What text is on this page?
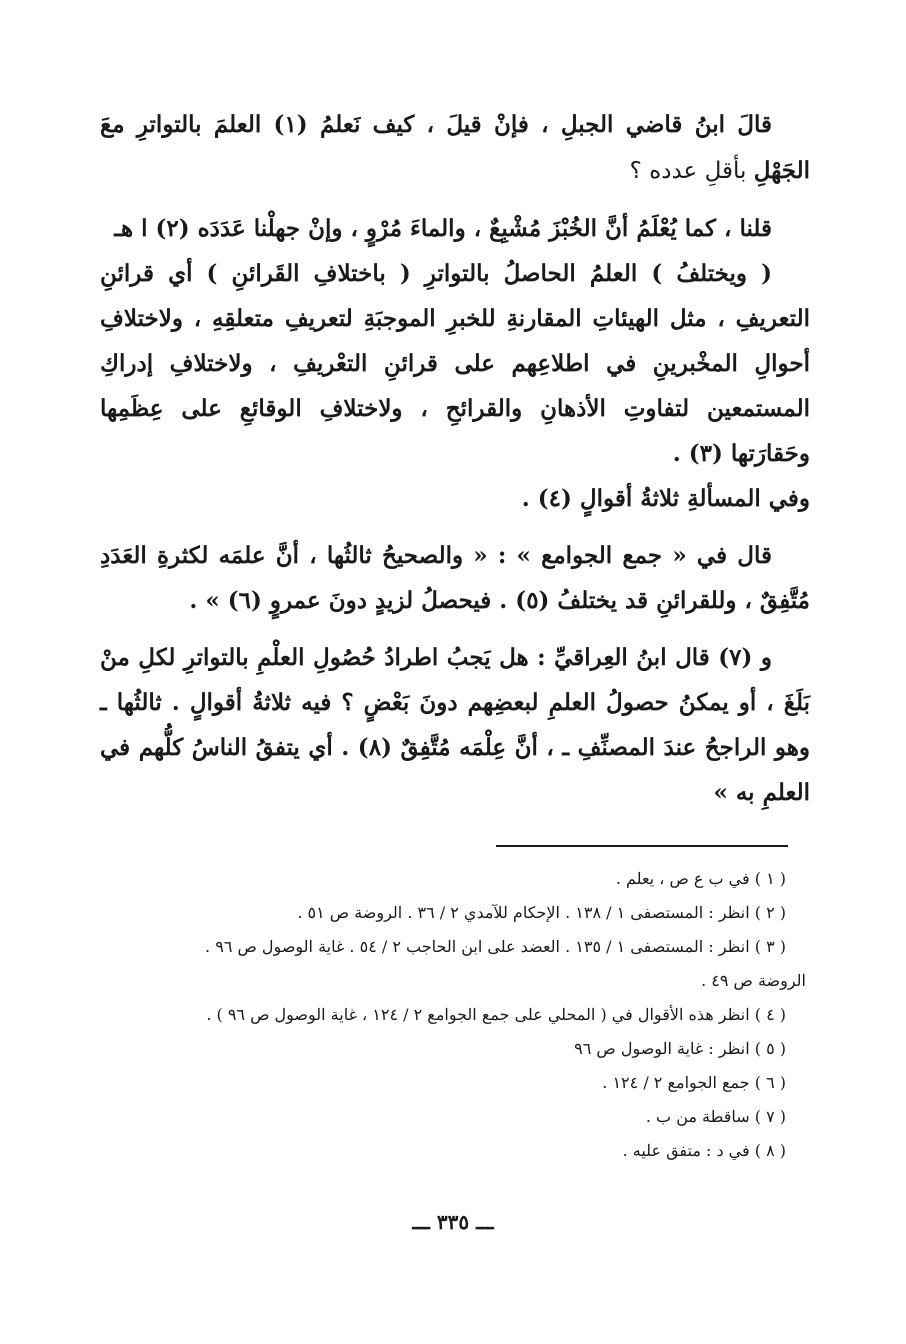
قالَ ابنُ قاضي الجبلِ ، فإنْ قيلَ ، كيف نَعلمُ (١) العلمَ بالتواترِ معَ الجَهْلِ بأقلِ عدده ؟

قلنا ، كما يُعْلَمُ أنَّ الخُبْزَ مُشْبِعٌ ، والماءَ مُرْوٍ ، وإنْ جهلْنا عَدَدَه (٢) ا هـ

( ويختلفُ ) العلمُ الحاصلُ بالتواترِ ( باختلافِ القَرائنِ ) أي قرائنِ التعريفِ ، مثل الهيئاتِ المقارنةِ للخبرِ الموجبَةِ لتعريفِ متعلقِهِ ، ولاختلافِ أحوالِ المخْبرينِ في اطلاعِهم على قرائنِ التعْريفِ ، ولاختلافِ إدراكِ المستمعين لتفاوتِ الأذهانِ والقرائحِ ، ولاختلافِ الوقائعِ على عِظَمِها وحَقارَتها (٣) .

وفي المسألةِ ثلاثةُ أقوالٍ (٤) .

قال في « جمع الجوامع » : « والصحيحُ ثالثُها ، أنَّ علمَه لكثرةِ العَدَدِ مُتَّفِقٌ ، وللقرائنِ قد يختلفُ (٥) . فيحصلُ لزيدٍ دونَ عمروٍ (٦) » .

و (٧) قال ابنُ العِراقيِّ : هل يَجبُ اطرادُ حُصُولِ العلْمِ بالتواترِ لكلِ منْ بَلَغَ ، أو يمكنُ حصولُ العلمِ لبعضِهم دونَ بَعْضٍ ؟ فيه ثلاثةُ أقوالٍ . ثالثُها ـ وهو الراجحُ عندَ المصنِّفِ ـ ، أنَّ عِلْمَه مُتَّفِقٌ (٨) . أي يتفقُ الناسُ كلُّهم في العلمِ به »

( ١ ) في ب ع ص ، يعلم .
( ٢ ) انظر : المستصفى ١ / ١٣٨ . الإحكام للآمدي ٢ / ٣٦ . الروضة ص ٥١ .
( ٣ ) انظر : المستصفى ١ / ١٣٥ . العضد على ابن الحاجب ٢ / ٥٤ . غاية الوصول ص ٩٦ .
الروضة ص ٤٩ .
( ٤ ) انظر هذه الأقوال في ( المحلي على جمع الجوامع ٢ / ١٢٤ ، غاية الوصول ص ٩٦ ) .
( ٥ ) انظر : غاية الوصول ص ٩٦
( ٦ ) جمع الجوامع ٢ / ١٢٤ .
( ٧ ) ساقطة من ب .
( ٨ ) في د : متفق عليه .
ـــ ٣٣٥ ـــ
